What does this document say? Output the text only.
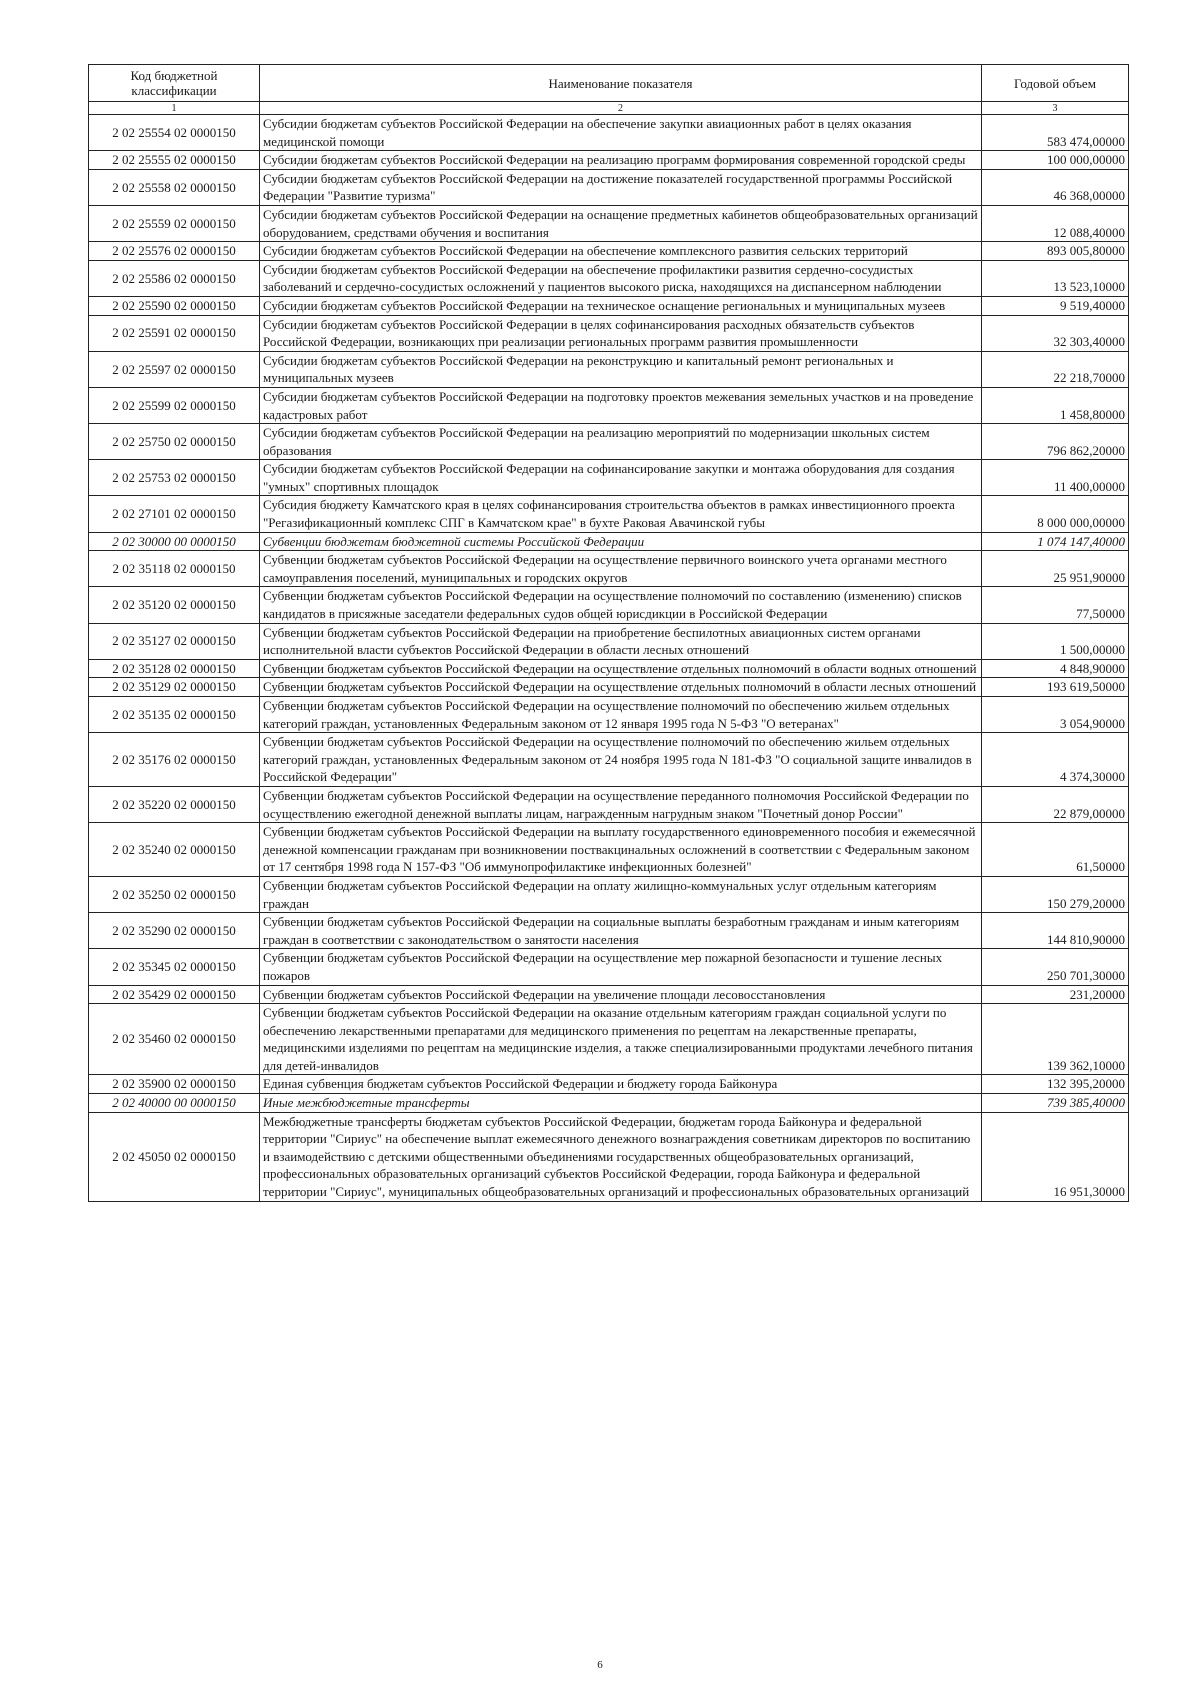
Код бюджетной классификации	Наименование показателя	Годовой объем
1	2	3
2 02 25554 02 0000150	Субсидии бюджетам субъектов Российской Федерации на обеспечение закупки авиационных работ в целях оказания медицинской помощи	583 474,00000
2 02 25555 02 0000150	Субсидии бюджетам субъектов Российской Федерации на реализацию программ формирования современной городской среды	100 000,00000
2 02 25558 02 0000150	Субсидии бюджетам субъектов Российской Федерации на достижение показателей государственной программы Российской Федерации "Развитие туризма"	46 368,00000
2 02 25559 02 0000150	Субсидии бюджетам субъектов Российской Федерации на оснащение предметных кабинетов общеобразовательных организаций оборудованием, средствами обучения и воспитания	12 088,40000
2 02 25576 02 0000150	Субсидии бюджетам субъектов Российской Федерации на обеспечение комплексного развития сельских территорий	893 005,80000
2 02 25586 02 0000150	Субсидии бюджетам субъектов Российской Федерации на обеспечение профилактики развития сердечно-сосудистых заболеваний и сердечно-сосудистых осложнений у пациентов высокого риска, находящихся на диспансерном наблюдении	13 523,10000
2 02 25590 02 0000150	Субсидии бюджетам субъектов Российской Федерации на техническое оснащение региональных и муниципальных музеев	9 519,40000
2 02 25591 02 0000150	Субсидии бюджетам субъектов Российской Федерации в целях софинансирования расходных обязательств субъектов Российской Федерации, возникающих при реализации региональных программ развития промышленности	32 303,40000
2 02 25597 02 0000150	Субсидии бюджетам субъектов Российской Федерации на реконструкцию и капитальный ремонт региональных и муниципальных музеев	22 218,70000
2 02 25599 02 0000150	Субсидии бюджетам субъектов Российской Федерации на подготовку проектов межевания земельных участков и на проведение кадастровых работ	1 458,80000
2 02 25750 02 0000150	Субсидии бюджетам субъектов Российской Федерации на реализацию мероприятий по модернизации школьных систем образования	796 862,20000
2 02 25753 02 0000150	Субсидии бюджетам субъектов Российской Федерации на софинансирование закупки и монтажа оборудования для создания "умных" спортивных площадок	11 400,00000
2 02 27101 02 0000150	Субсидия бюджету Камчатского края в целях софинансирования строительства объектов в рамках инвестиционного проекта "Регазификационный комплекс СПГ в Камчатском крае" в бухте Раковая Авачинской губы	8 000 000,00000
2 02 30000 00 0000150	Субвенции бюджетам бюджетной системы Российской Федерации	1 074 147,40000
2 02 35118 02 0000150	Субвенции бюджетам субъектов Российской Федерации на осуществление первичного воинского учета органами местного самоуправления поселений, муниципальных и городских округов	25 951,90000
2 02 35120 02 0000150	Субвенции бюджетам субъектов Российской Федерации на осуществление полномочий по составлению (изменению) списков кандидатов в присяжные заседатели федеральных судов общей юрисдикции в Российской Федерации	77,50000
2 02 35127 02 0000150	Субвенции бюджетам субъектов Российской Федерации на приобретение беспилотных авиационных систем органами исполнительной власти субъектов Российской Федерации в области лесных отношений	1 500,00000
2 02 35128 02 0000150	Субвенции бюджетам субъектов Российской Федерации на осуществление отдельных полномочий в области водных отношений	4 848,90000
2 02 35129 02 0000150	Субвенции бюджетам субъектов Российской Федерации на осуществление отдельных полномочий в области лесных отношений	193 619,50000
2 02 35135 02 0000150	Субвенции бюджетам субъектов Российской Федерации на осуществление полномочий по обеспечению жильем отдельных категорий граждан, установленных Федеральным законом от 12 января 1995 года N 5-ФЗ "О ветеранах"	3 054,90000
2 02 35176 02 0000150	Субвенции бюджетам субъектов Российской Федерации на осуществление полномочий по обеспечению жильем отдельных категорий граждан, установленных Федеральным законом от 24 ноября 1995 года N 181-ФЗ "О социальной защите инвалидов в Российской Федерации"	4 374,30000
2 02 35220 02 0000150	Субвенции бюджетам субъектов Российской Федерации на осуществление переданного полномочия Российской Федерации по осуществлению ежегодной денежной выплаты лицам, награжденным нагрудным знаком "Почетный донор России"	22 879,00000
2 02 35240 02 0000150	Субвенции бюджетам субъектов Российской Федерации на выплату государственного единовременного пособия и ежемесячной денежной компенсации гражданам при возникновении поствакцинальных осложнений в соответствии с Федеральным законом от 17 сентября 1998 года N 157-ФЗ "Об иммунопрофилактике инфекционных болезней"	61,50000
2 02 35250 02 0000150	Субвенции бюджетам субъектов Российской Федерации на оплату жилищно-коммунальных услуг отдельным категориям граждан	150 279,20000
2 02 35290 02 0000150	Субвенции бюджетам субъектов Российской Федерации на социальные выплаты безработным гражданам и иным категориям граждан в соответствии с законодательством о занятости населения	144 810,90000
2 02 35345 02 0000150	Субвенции бюджетам субъектов Российской Федерации на осуществление мер пожарной безопасности и тушение лесных пожаров	250 701,30000
2 02 35429 02 0000150	Субвенции бюджетам субъектов Российской Федерации на увеличение площади лесовосстановления	231,20000
2 02 35460 02 0000150	Субвенции бюджетам субъектов Российской Федерации на оказание отдельным категориям граждан социальной услуги по обеспечению лекарственными препаратами для медицинского применения по рецептам на лекарственные препараты, медицинскими изделиями по рецептам на медицинские изделия, а также специализированными продуктами лечебного питания для детей-инвалидов	139 362,10000
2 02 35900 02 0000150	Единая субвенция бюджетам субъектов Российской Федерации и бюджету города Байконура	132 395,20000
2 02 40000 00 0000150	Иные межбюджетные трансферты	739 385,40000
2 02 45050 02 0000150	Межбюджетные трансферты бюджетам субъектов Российской Федерации, бюджетам города Байконура и федеральной территории "Сириус" на обеспечение выплат ежемесячного денежного вознаграждения советникам директоров по воспитанию и взаимодействию с детскими общественными объединениями государственных общеобразовательных организаций, профессиональных образовательных организаций субъектов Российской Федерации, города Байконура и федеральной территории "Сириус", муниципальных общеобразовательных организаций и профессиональных образовательных организаций	16 951,30000
6
